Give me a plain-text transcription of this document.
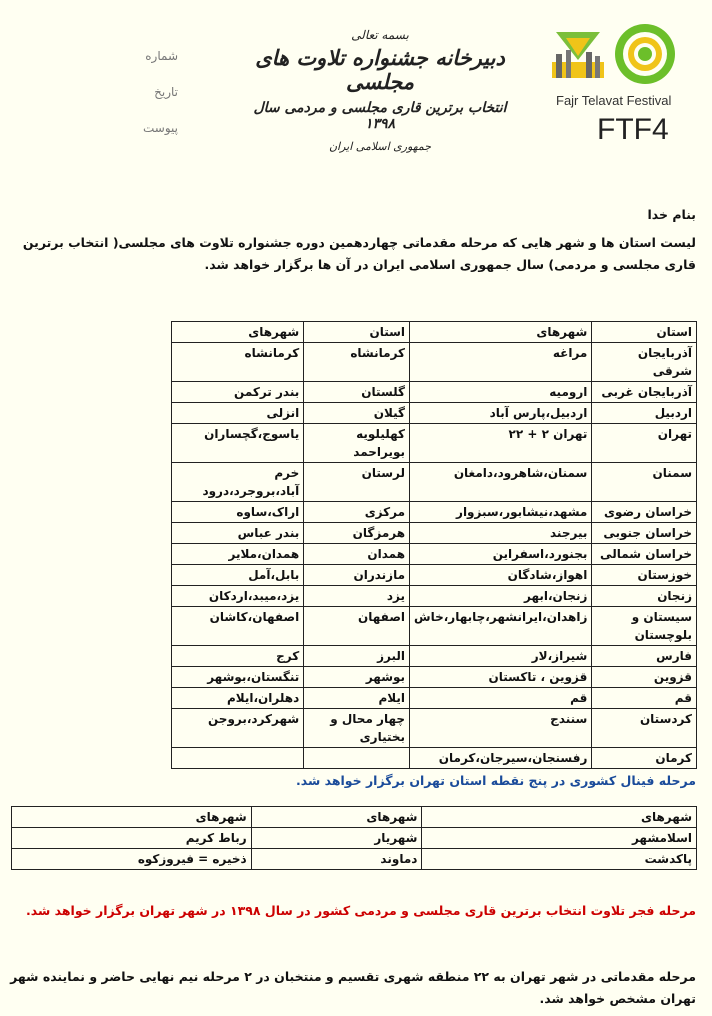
شماره
تاریخ
پیوست
بسمه تعالی
دبیرخانه جشنواره تلاوت های مجلسی
انتخاب برترین قاری مجلسی و مردمی سال ۱۳۹۸
جمهوری اسلامی ایران
Fajr Telavat Festival
FTF4
بنام خدا
لیست استان ها و شهر هایی که مرحله مقدماتی چهاردهمین دوره جشنواره تلاوت های مجلسی( انتخاب برترین قاری مجلسی و مردمی) سال جمهوری اسلامی ایران در آن ها برگزار خواهد شد.
استان	شهرهای	استان	شهرهای
آذربایجان شرقی	مراغه	کرمانشاه	کرمانشاه
آذربایجان غربی	ارومیه	گلستان	بندر ترکمن
اردبیل	اردبیل،پارس آباد	گیلان	انزلی
تهران	تهران ۲ + ۲۲	کهلیلویه بویراحمد	یاسوج،گچساران
سمنان	سمنان،شاهرود،دامغان	لرستان	خرم آباد،بروجرد،درود
خراسان رضوی	مشهد،نیشابور،سبزوار	مرکزی	اراک،ساوه
خراسان جنوبی	بیرجند	هرمزگان	بندر عباس
خراسان شمالی	بجنورد،اسفراین	همدان	همدان،ملایر
خوزستان	اهواز،شادگان	مازندران	بابل،آمل
زنجان	زنجان،ابهر	یزد	یزد،میبد،اردکان
سیستان و بلوچستان	زاهدان،ایرانشهر،چابهار،خاش	اصفهان	اصفهان،کاشان
فارس	شیراز،لار	البرز	کرج
قزوین	قزوین ، تاکستان	بوشهر	تنگستان،بوشهر
قم	قم	ایلام	دهلران،ایلام
کردستان	سنندج	چهار محال و بختیاری	شهرکرد،بروجن
کرمان	رفسنجان،سیرجان،کرمان		
مرحله فینال کشوری در پنج نقطه استان تهران برگزار خواهد شد.
شهرهای	شهرهای	شهرهای
اسلامشهر	شهریار	رباط کریم
پاکدشت	دماوند	ذخیره = فیروزکوه
مرحله فجر تلاوت انتخاب برترین قاری مجلسی و مردمی کشور در سال ۱۳۹۸ در شهر تهران برگزار خواهد شد.
مرحله مقدماتی در شهر تهران به ۲۲ منطقه شهری تقسیم و منتخبان در ۲ مرحله نیم نهایی حاضر و نماینده شهر تهران مشخص خواهد شد.
